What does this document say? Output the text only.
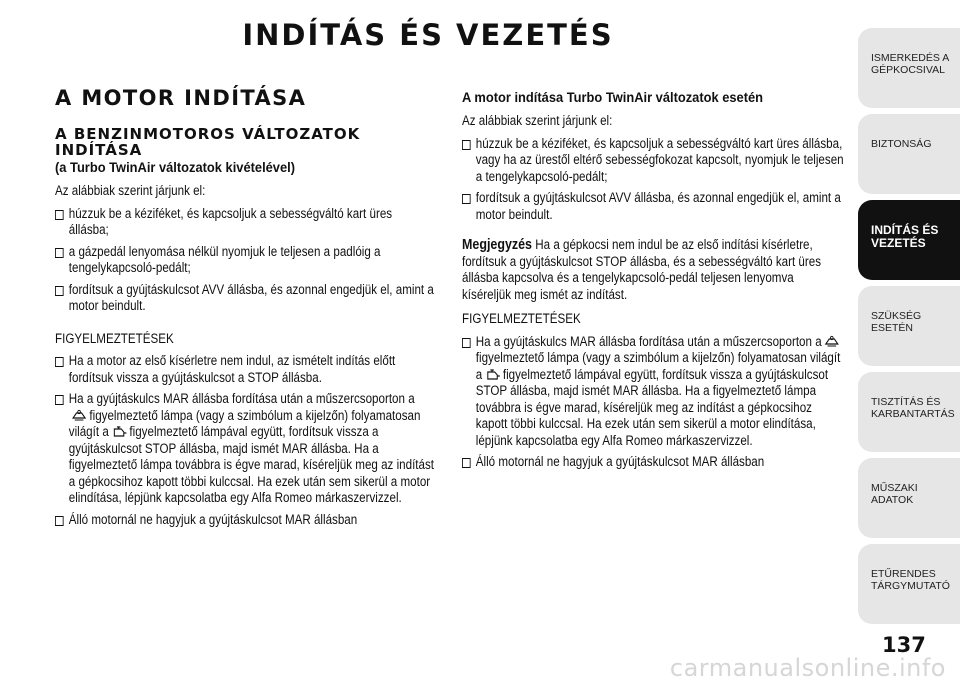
INDÍTÁS ÉS VEZETÉS
A MOTOR INDÍTÁSA
A BENZINMOTOROS VÁLTOZATOK INDÍTÁSA
(a Turbo TwinAir változatok kivételével)

Az alábbiak szerint járjunk el:

húzzuk be a kéziféket, és kapcsoljuk a sebességváltó kart üres állásba;
a gázpedál lenyomása nélkül nyomjuk le teljesen a padlóig a tengelykapcsoló-pedált;
fordítsuk a gyújtáskulcsot AVV állásba, és azonnal engedjük el, amint a motor beindult.

FIGYELMEZTETÉSEK

Ha a motor az első kísérletre nem indul, az ismételt indítás előtt fordítsuk vissza a gyújtáskulcsot a STOP állásba.
Ha a gyújtáskulcs MAR állásba fordítása után a műszercsoporton afigyelmeztető lámpa (vagy a szimbólum a kijelzőn) folyamatosan világít a figyelmeztető lámpával együtt, fordítsuk vissza a gyújtáskulcsot STOP állásba, majd ismét MAR állásba. Ha a figyelmeztető lámpa továbbra is égve marad, kíséreljük meg az indítást a gépkocsihoz kapott többi kulccsal. Ha ezek után sem sikerül a motor elindítása, lépjünk kapcsolatba egy Alfa Romeo márkaszervizzel.
Álló motornál ne hagyjuk a gyújtáskulcsot MAR állásban
A motor indítása Turbo TwinAir változatok esetén

Az alábbiak szerint járjunk el:

húzzuk be a kéziféket, és kapcsoljuk a sebességváltó kart üres állásba, vagy ha az ürestől eltérő sebességfokozat kapcsolt, nyomjuk le teljesen a tengelykapcsoló-pedált;
fordítsuk a gyújtáskulcsot AVV állásba, és azonnal engedjük el, amint a motor beindult.

Megjegyzés Ha a gépkocsi nem indul be az első indítási kísérletre, fordítsuk a gyújtáskulcsot STOP állásba, és a sebességváltó kart üres állásba kapcsolva és a tengelykapcsoló-pedál teljesen lenyomva kíséreljük meg ismét az indítást.

FIGYELMEZTETÉSEK

Ha a gyújtáskulcs MAR állásba fordítása után a műszercsoporton afigyelmeztető lámpa (vagy a szimbólum a kijelzőn) folyamatosan világít a figyelmeztető lámpával együtt, fordítsuk vissza a gyújtáskulcsot STOP állásba, majd ismét MAR állásba. Ha a figyelmeztető lámpa továbbra is égve marad, kíséreljük meg az indítást a gépkocsihoz kapott többi kulccsal. Ha ezek után sem sikerül a motor elindítása, lépjünk kapcsolatba egy Alfa Romeo márkaszervizzel.
Álló motornál ne hagyjuk a gyújtáskulcsot MAR állásban
ISMERKEDÉS A GÉPKOCSIVAL
BIZTONSÁG
INDÍTÁS ÉS VEZETÉS
SZÜKSÉG ESETÉN
TISZTÍTÁS ÉS KARBANTARTÁS
MŰSZAKI ADATOK
ETŰRENDES TÁRGYMUTATÓ
137
carmanualsonline.info
